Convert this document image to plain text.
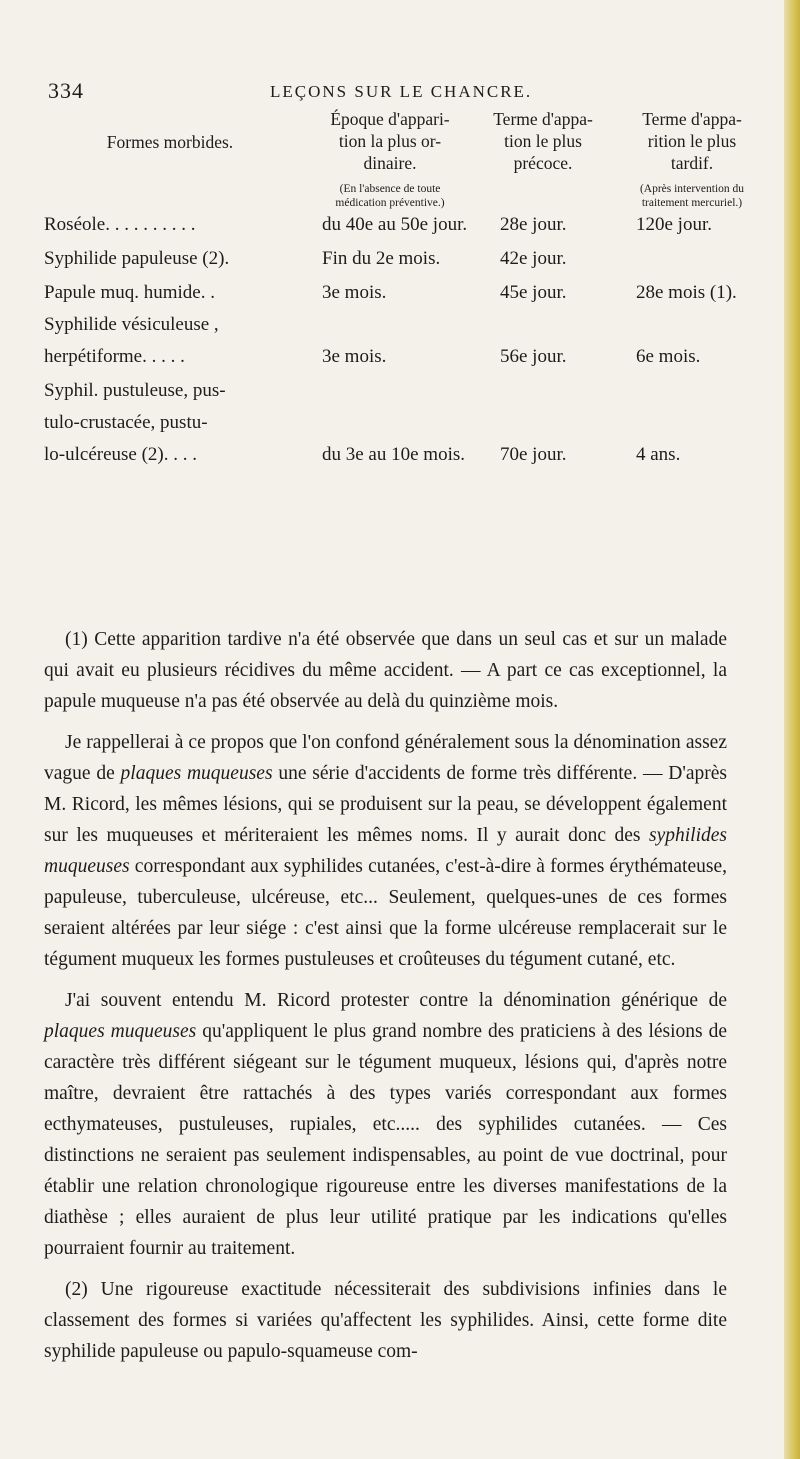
334	LEÇONS SUR LE CHANCRE.
Formes morbides.
Époque d'appari-
tion la plus or-
dinaire.
(En l'absence de toute
médication préventive.)
Terme d'appa-
tion le plus
précoce.
Terme d'appa-
rition le plus
tardif.
(Après intervention du
traitement mercuriel.)
Roséole. . . . . . . . . .	du 40e au 50e jour. 28e jour.	120e jour.
Syphilide papuleuse (2).	Fin du 2e mois.	42e jour.
Papule muq. humide. .	3e mois.	45e jour.	28e mois (1).
Syphilide vésiculeuse ,
herpétiforme. . . . .	3e mois.	56e jour.	6e mois.
Syphil. pustuleuse, pus-
tulo-crustacée, pustu-
lo-ulcéreuse (2). . . .	du 3e au 10e mois. 70e jour.	4 ans.

(1) Cette apparition tardive n'a été observée que dans un seul cas et sur un malade qui avait eu plusieurs récidives du même accident. — A part ce cas exceptionnel, la papule muqueuse n'a pas été observée au delà du quinzième mois.

Je rappellerai à ce propos que l'on confond généralement sous la dénomination assez vague de plaques muqueuses une série d'accidents de forme très différente. — D'après M. Ricord, les mêmes lésions, qui se produisent sur la peau, se développent également sur les muqueuses et mériteraient les mêmes noms. Il y aurait donc des syphilides muqueuses correspondant aux syphilides cutanées, c'est-à-dire à formes érythémateuse, papuleuse, tuberculeuse, ulcéreuse, etc... Seulement, quelques-unes de ces formes seraient altérées par leur siége : c'est ainsi que la forme ulcéreuse remplacerait sur le tégument muqueux les formes pustuleuses et croûteuses du tégument cutané, etc.

J'ai souvent entendu M. Ricord protester contre la dénomination générique de plaques muqueuses qu'appliquent le plus grand nombre des praticiens à des lésions de caractère très différent siégeant sur le tégument muqueux, lésions qui, d'après notre maître, devraient être rattachés à des types variés correspondant aux formes ecthymateuses, pustuleuses, rupiales, etc..... des syphilides cutanées. — Ces distinctions ne seraient pas seulement indispensables, au point de vue doctrinal, pour établir une relation chronologique rigoureuse entre les diverses manifestations de la diathèse ; elles auraient de plus leur utilité pratique par les indications qu'elles pourraient fournir au traitement.

(2) Une rigoureuse exactitude nécessiterait des subdivisions infinies dans le classement des formes si variées qu'affectent les syphilides. Ainsi, cette forme dite syphilide papuleuse ou papulo-squameuse com-
